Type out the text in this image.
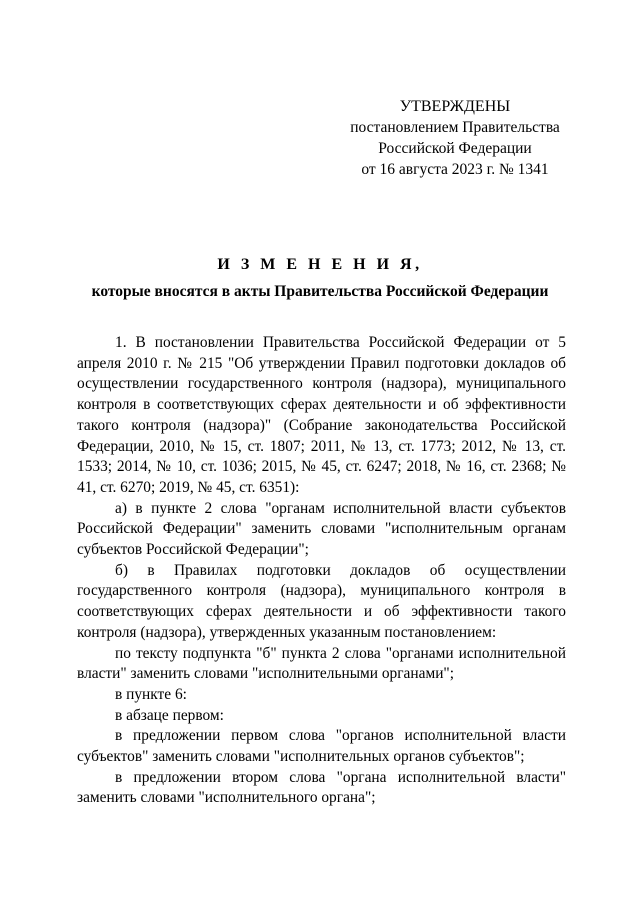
УТВЕРЖДЕНЫ
постановлением Правительства
Российской Федерации
от 16 августа 2023 г. № 1341
И З М Е Н Е Н И Я,
которые вносятся в акты Правительства Российской Федерации

1. В постановлении Правительства Российской Федерации от 5 апреля 2010 г. № 215 "Об утверждении Правил подготовки докладов об осуществлении государственного контроля (надзора), муниципального контроля в соответствующих сферах деятельности и об эффективности такого контроля (надзора)" (Собрание законодательства Российской Федерации, 2010, № 15, ст. 1807; 2011, № 13, ст. 1773; 2012, № 13, ст. 1533; 2014, № 10, ст. 1036; 2015, № 45, ст. 6247; 2018, № 16, ст. 2368; № 41, ст. 6270; 2019, № 45, ст. 6351):

а) в пункте 2 слова "органам исполнительной власти субъектов Российской Федерации" заменить словами "исполнительным органам субъектов Российской Федерации";

б) в Правилах подготовки докладов об осуществлении государственного контроля (надзора), муниципального контроля в соответствующих сферах деятельности и об эффективности такого контроля (надзора), утвержденных указанным постановлением:

по тексту подпункта "б" пункта 2 слова "органами исполнительной власти" заменить словами "исполнительными органами";

в пункте 6:

в абзаце первом:

в предложении первом слова "органов исполнительной власти субъектов" заменить словами "исполнительных органов субъектов";

в предложении втором слова "органа исполнительной власти" заменить словами "исполнительного органа";
